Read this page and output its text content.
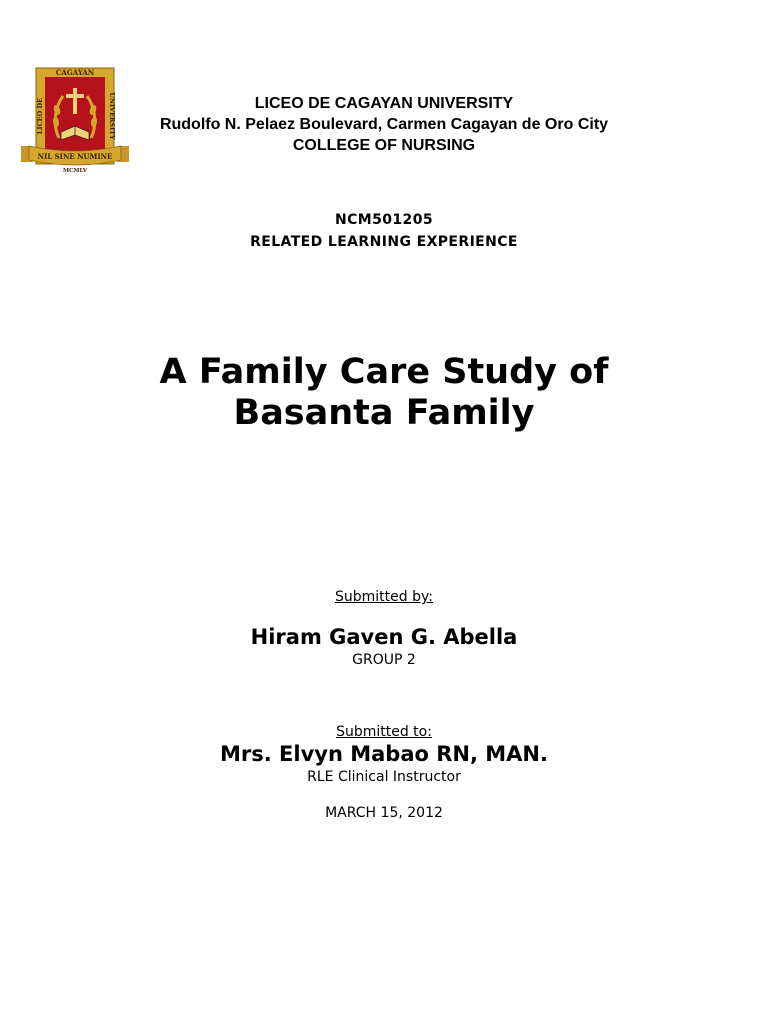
CAGAYAN
LICEO DE	UNIVERSITY
NIL SINE NUMINE
MCMLV
LICEO DE CAGAYAN UNIVERSITY
Rudolfo N. Pelaez Boulevard, Carmen Cagayan de Oro City
COLLEGE OF NURSING
NCM501205
RELATED LEARNING EXPERIENCE
A Family Care Study of
Basanta Family
Submitted by:
Hiram Gaven G. Abella
GROUP 2
Submitted to:
Mrs. Elvyn Mabao RN, MAN.
RLE Clinical Instructor
MARCH 15, 2012
